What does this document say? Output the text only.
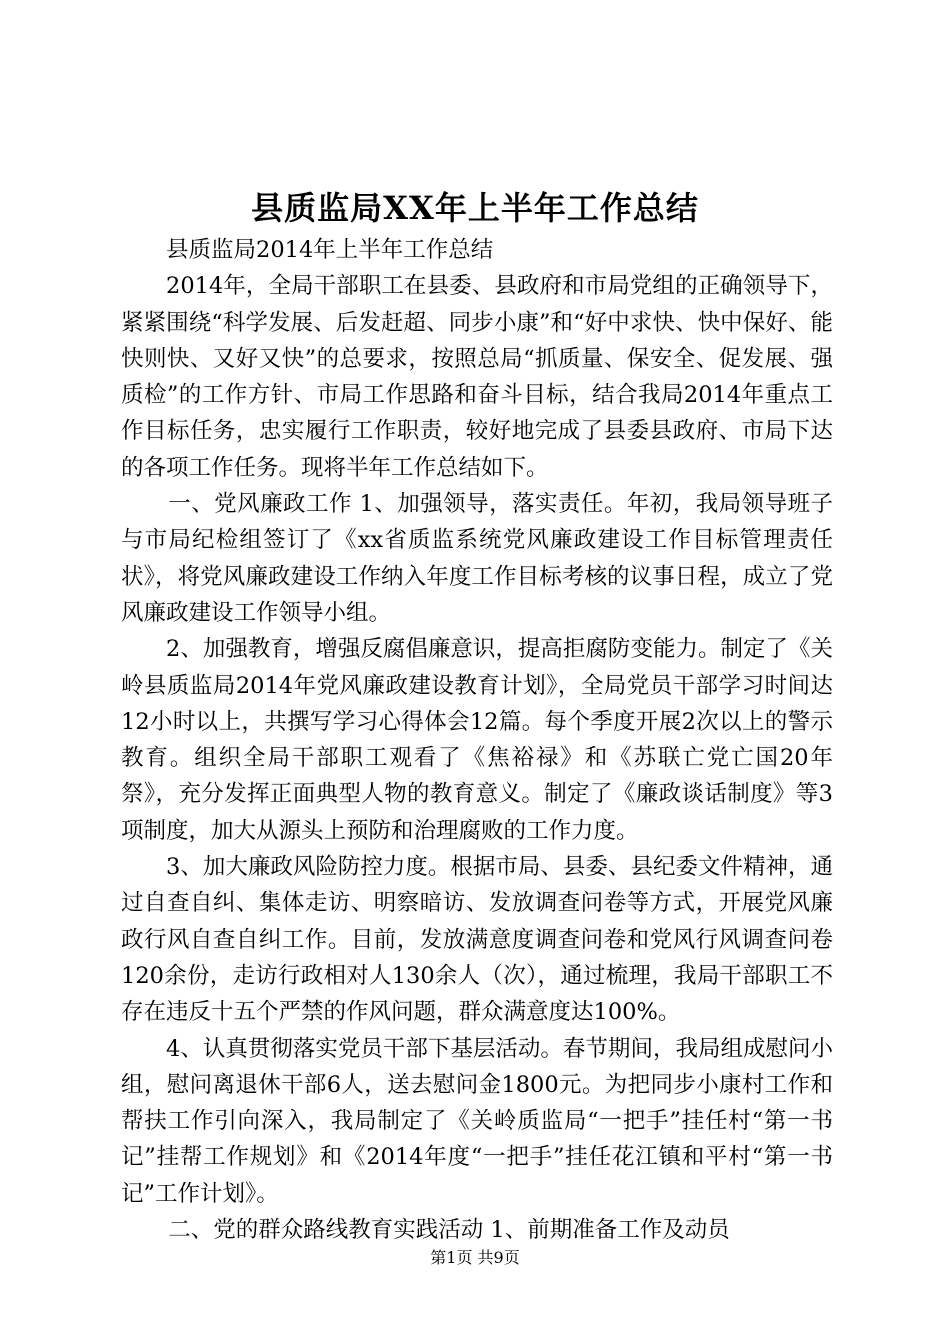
县质监局XX年上半年工作总结

县质监局2014年上半年工作总结

2014年，全局干部职工在县委、县政府和市局党组的正确领导下，紧紧围绕“科学发展、后发赶超、同步小康”和“好中求快、快中保好、能快则快、又好又快”的总要求，按照总局“抓质量、保安全、促发展、强质检”的工作方针、市局工作思路和奋斗目标，结合我局2014年重点工作目标任务，忠实履行工作职责，较好地完成了县委县政府、市局下达的各项工作任务。现将半年工作总结如下。

一、党风廉政工作 1、加强领导，落实责任。年初，我局领导班子与市局纪检组签订了《xx省质监系统党风廉政建设工作目标管理责任状》，将党风廉政建设工作纳入年度工作目标考核的议事日程，成立了党风廉政建设工作领导小组。

2、加强教育，增强反腐倡廉意识，提高拒腐防变能力。制定了《关岭县质监局2014年党风廉政建设教育计划》，全局党员干部学习时间达12小时以上，共撰写学习心得体会12篇。每个季度开展2次以上的警示教育。组织全局干部职工观看了《焦裕禄》和《苏联亡党亡国20年祭》，充分发挥正面典型人物的教育意义。制定了《廉政谈话制度》等3项制度，加大从源头上预防和治理腐败的工作力度。

3、加大廉政风险防控力度。根据市局、县委、县纪委文件精神，通过自查自纠、集体走访、明察暗访、发放调查问卷等方式，开展党风廉政行风自查自纠工作。目前，发放满意度调查问卷和党风行风调查问卷120余份，走访行政相对人130余人（次），通过梳理，我局干部职工不存在违反十五个严禁的作风问题，群众满意度达100%。

4、认真贯彻落实党员干部下基层活动。春节期间，我局组成慰问小组，慰问离退休干部6人，送去慰问金1800元。为把同步小康村工作和帮扶工作引向深入，我局制定了《关岭质监局“一把手”挂任村“第一书记”挂帮工作规划》和《2014年度“一把手”挂任花江镇和平村“第一书记”工作计划》。

二、党的群众路线教育实践活动 1、前期准备工作及动员

第1页 共9页
